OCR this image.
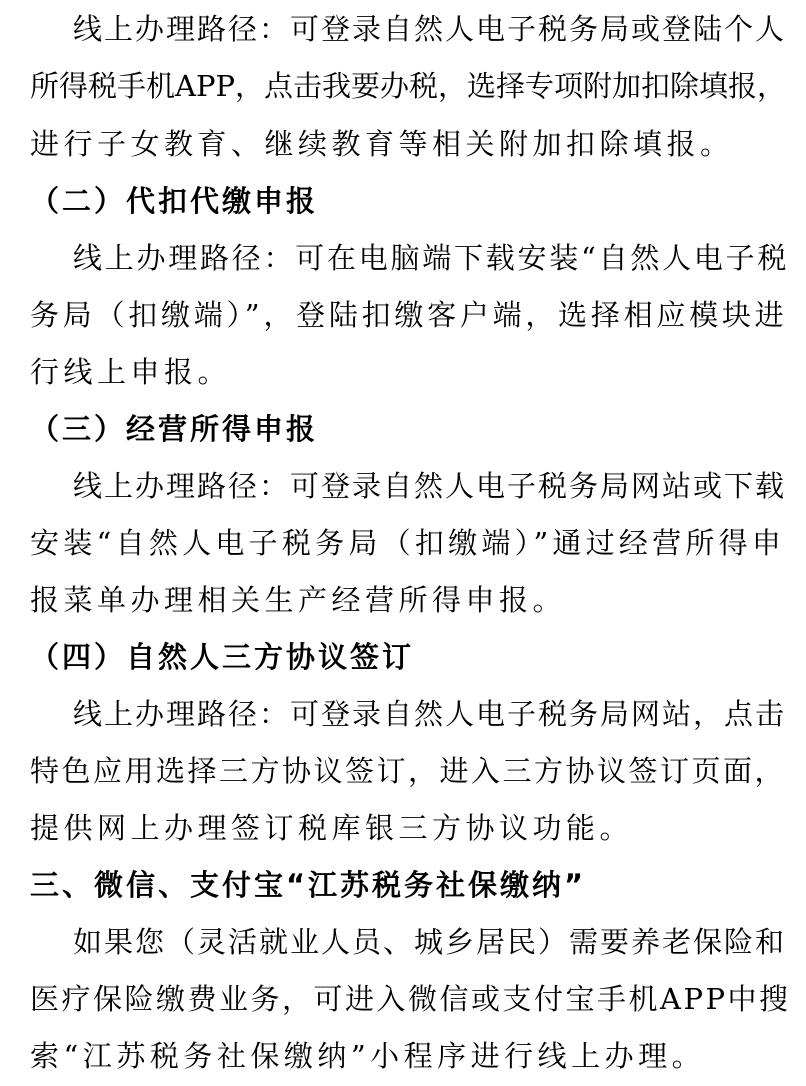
线上办理路径：可登录自然人电子税务局或登陆个人
所得税手机APP，点击我要办税，选择专项附加扣除填报，
进行子女教育、继续教育等相关附加扣除填报。
（二）代扣代缴申报
线上办理路径：可在电脑端下载安装“自然人电子税
务局（扣缴端）”，登陆扣缴客户端，选择相应模块进
行线上申报。
（三）经营所得申报
线上办理路径：可登录自然人电子税务局网站或下载
安装“自然人电子税务局（扣缴端）”通过经营所得申
报菜单办理相关生产经营所得申报。
（四）自然人三方协议签订
线上办理路径：可登录自然人电子税务局网站，点击
特色应用选择三方协议签订，进入三方协议签订页面，
提供网上办理签订税库银三方协议功能。
三、微信、支付宝“江苏税务社保缴纳”
如果您（灵活就业人员、城乡居民）需要养老保险和
医疗保险缴费业务，可进入微信或支付宝手机APP中搜
索“江苏税务社保缴纳”小程序进行线上办理。
